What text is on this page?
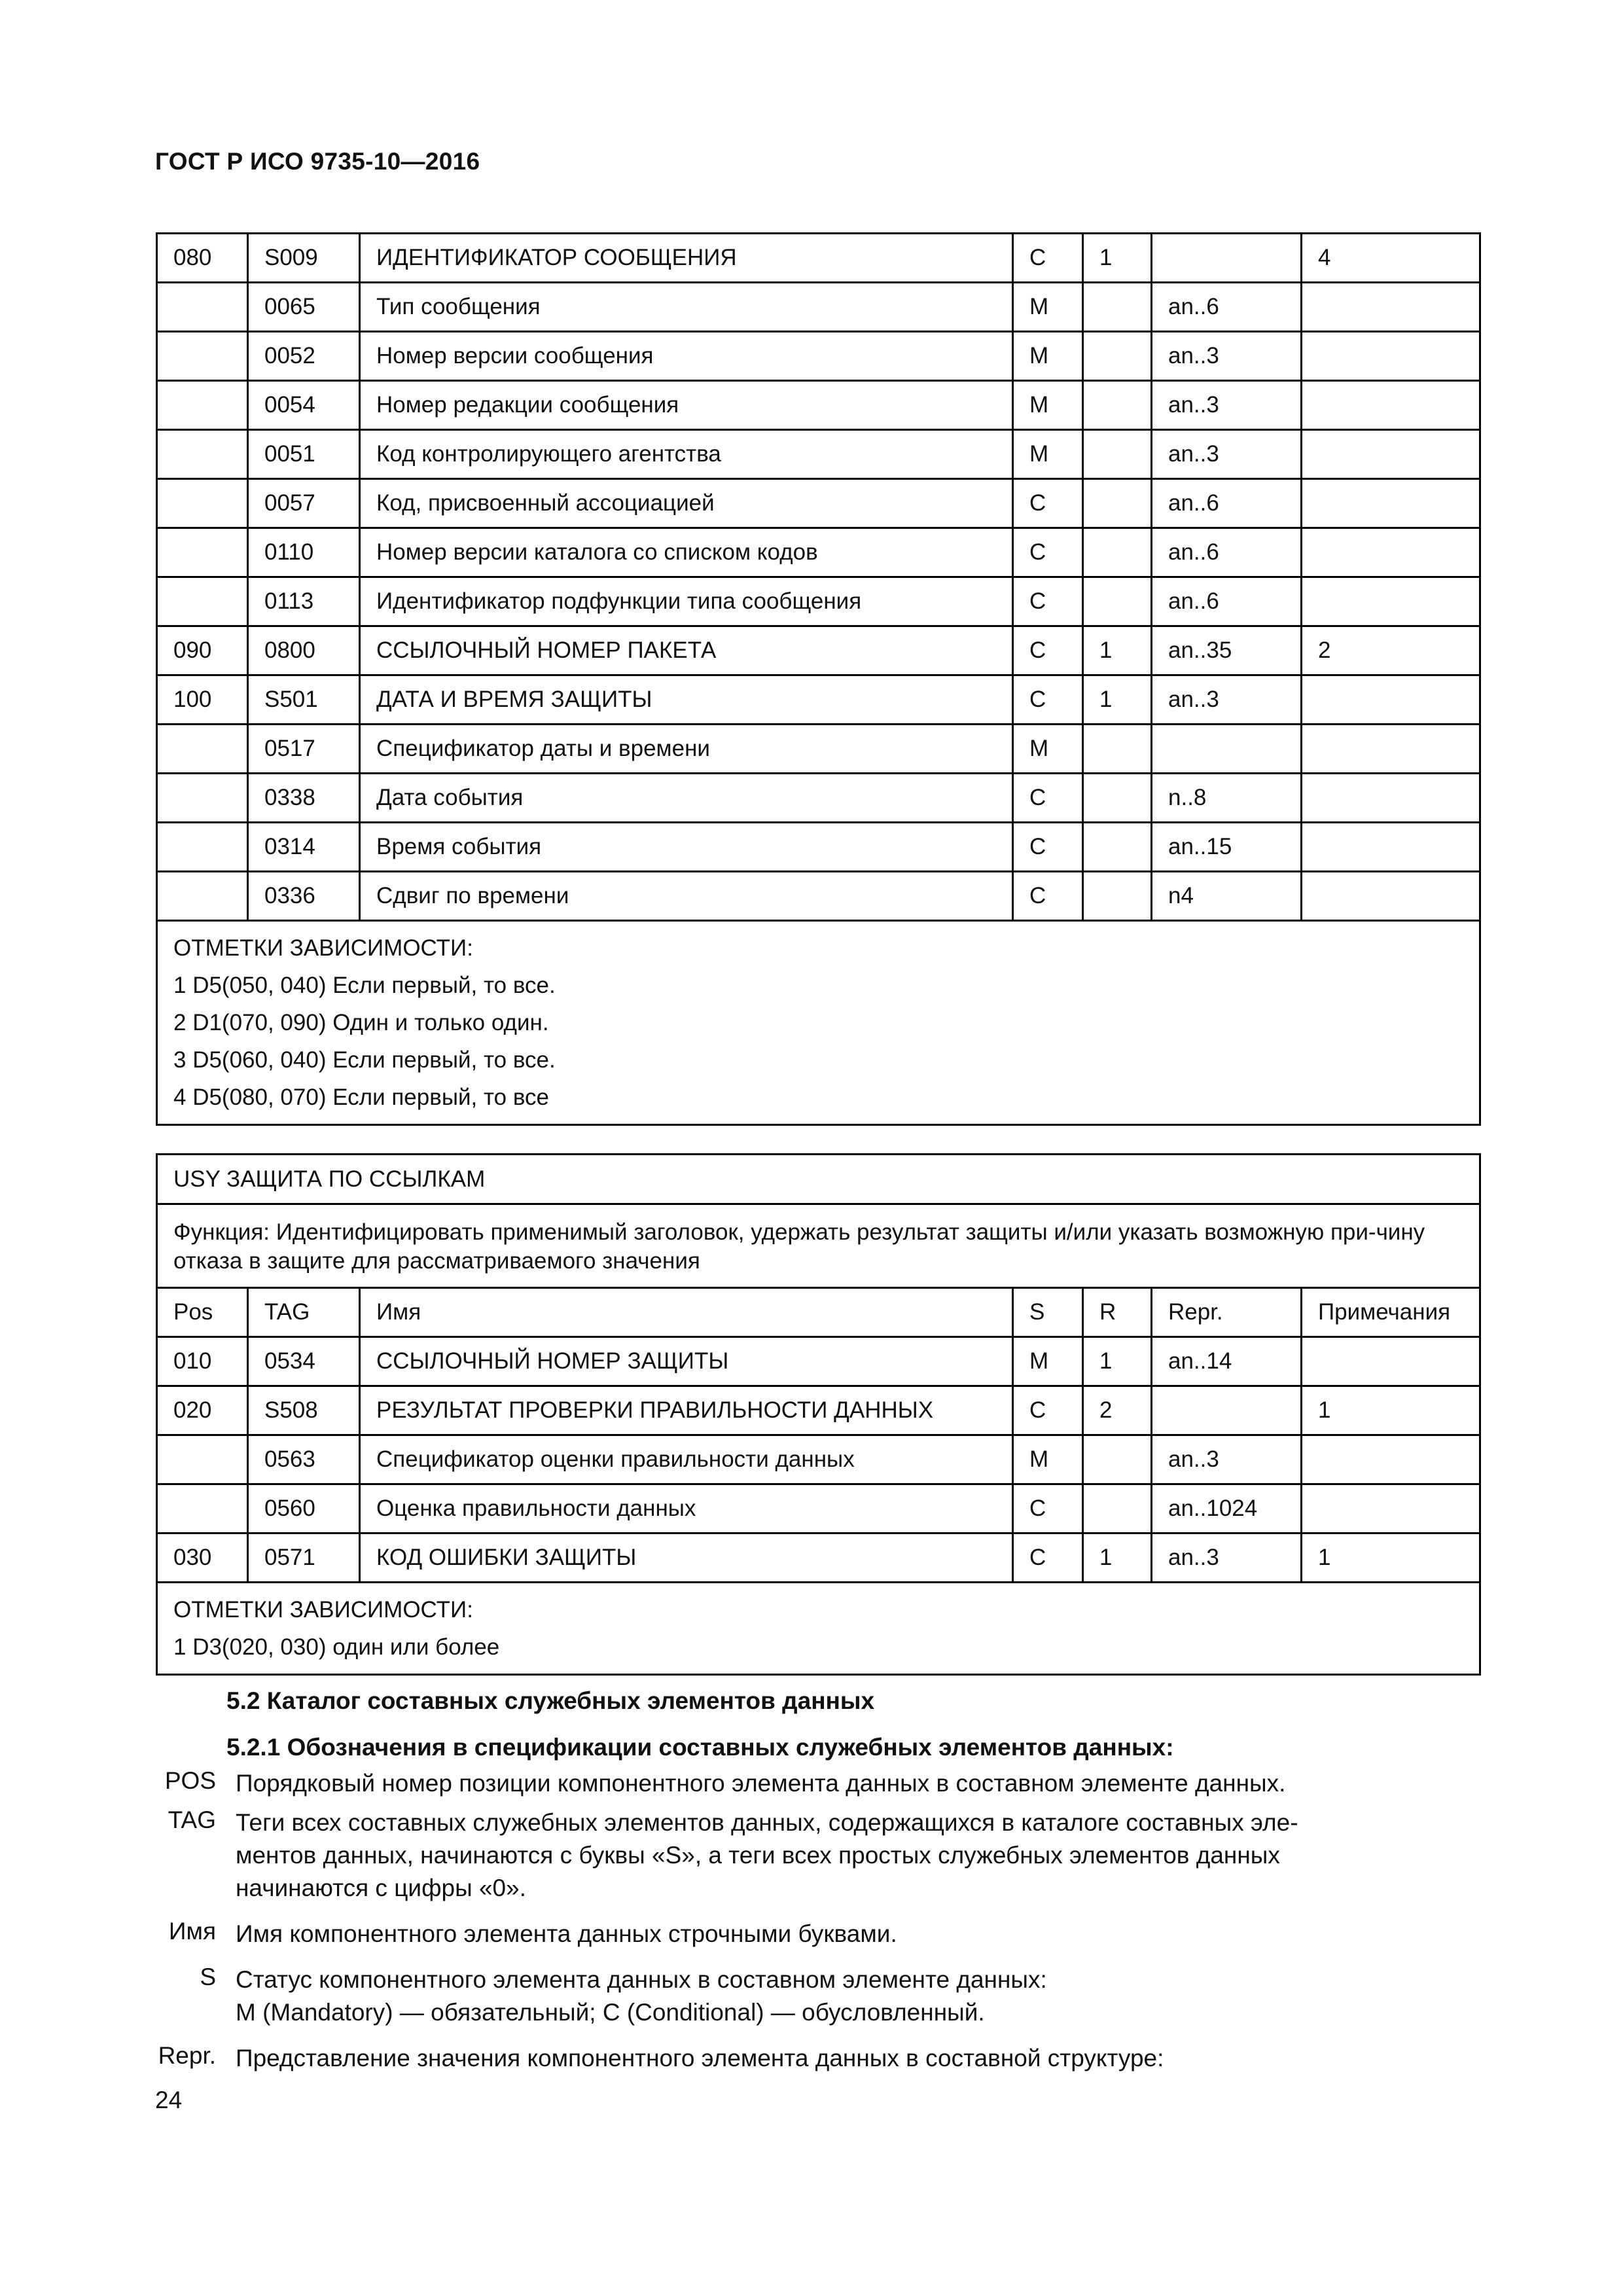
ГОСТ Р ИСО 9735-10—2016
080	S009	ИДЕНТИФИКАТОР СООБЩЕНИЯ	C	1		4
	0065	Тип сообщения	M		an..6	
	0052	Номер версии сообщения	M		an..3	
	0054	Номер редакции сообщения	M		an..3	
	0051	Код контролирующего агентства	M		an..3	
	0057	Код, присвоенный ассоциацией	C		an..6	
	0110	Номер версии каталога со списком кодов	C		an..6	
	0113	Идентификатор подфункции типа сообщения	C		an..6	
090	0800	ССЫЛОЧНЫЙ НОМЕР ПАКЕТА	C	1	an..35	2
100	S501	ДАТА И ВРЕМЯ ЗАЩИТЫ	C	1	an..3	
	0517	Спецификатор даты и времени	M			
	0338	Дата события	C		n..8	
	0314	Время события	C		an..15	
	0336	Сдвиг по времени	C		n4	

ОТМЕТКИ ЗАВИСИМОСТИ:
1 D5(050, 040) Если первый, то все.
2 D1(070, 090) Один и только один.
3 D5(060, 040) Если первый, то все.
4 D5(080, 070) Если первый, то все						
USY ЗАЩИТА ПО ССЫЛКАМ						
Функция: Идентифицировать применимый заголовок, удержать результат защиты и/или указать возможную при-чину отказа в защите для рассматриваемого значения						
Pos	TAG	Имя	S	R	Repr.	Примечания
010	0534	ССЫЛОЧНЫЙ НОМЕР ЗАЩИТЫ	M	1	an..14	
020	S508	РЕЗУЛЬТАТ ПРОВЕРКИ ПРАВИЛЬНОСТИ ДАННЫХ	C	2		1
	0563	Спецификатор оценки правильности данных	M		an..3	
	0560	Оценка правильности данных	C		an..1024	
030	0571	КОД ОШИБКИ ЗАЩИТЫ	C	1	an..3	1

ОТМЕТКИ ЗАВИСИМОСТИ:
1 D3(020, 030) один или более						
5.2 Каталог составных служебных элементов данных
5.2.1 Обозначения в спецификации составных служебных элементов данных:
POS Порядковый номер позиции компонентного элемента данных в составном элементе данных.
TAG Теги всех составных служебных элементов данных, содержащихся в каталоге составных эле-
ментов данных, начинаются с буквы «S», а теги всех простых служебных элементов данных
начинаются с цифры «0».
Имя Имя компонентного элемента данных строчными буквами.
S Статус компонентного элемента данных в составном элементе данных:
M (Mandatory) — обязательный; C (Conditional) — обусловленный.
Repr. Представление значения компонентного элемента данных в составной структуре:
24
